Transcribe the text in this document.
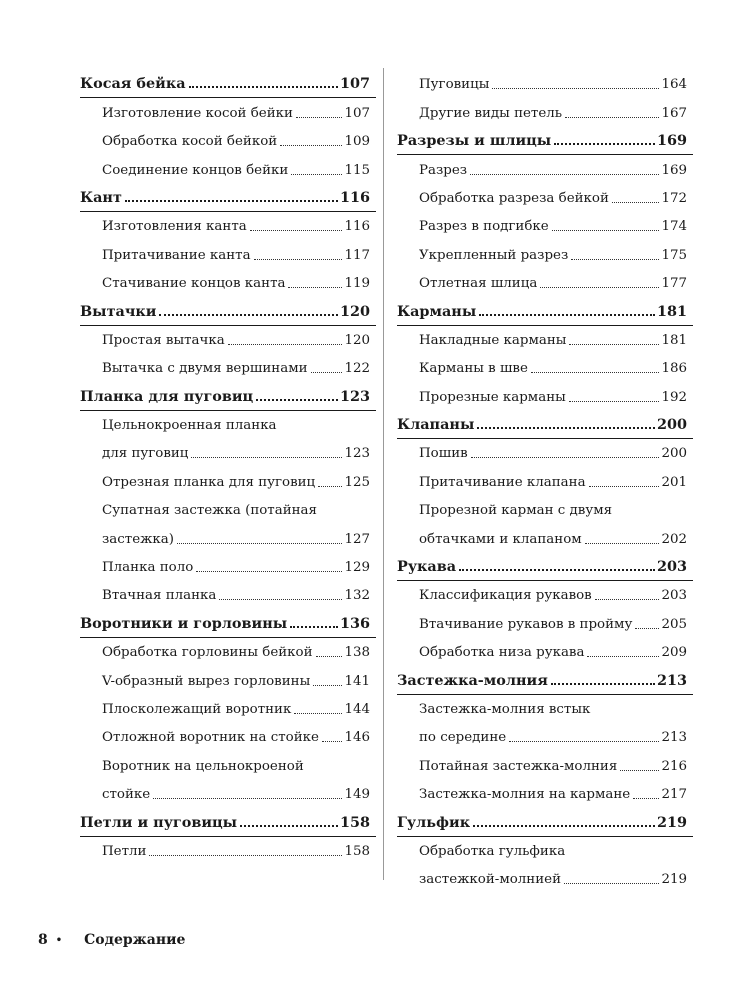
Косая бейка	107
Изготовление косой бейки	107
Обработка косой бейкой	109
Соединение концов бейки	115
Кант	116
Изготовления канта	116
Притачивание канта	117
Стачивание концов канта	119
Вытачки	120
Простая вытачка	120
Вытачка с двумя вершинами	122
Планка для пуговиц	123
Цельнокроенная планка
для пуговиц	123
Отрезная планка для пуговиц 125
Супатная застежка (потайная
застежка)	127
Планка поло	129
Втачная планка	132
Воротники и горловины	136
Обработка горловины бейкой 138
V-образный вырез горловины	141
Плосколежащий воротник	144
Отложной воротник на стойке 146
Воротник на цельнокроеной
стойке	149
Петли и пуговицы	158
Петли	158
Пуговицы	164
Другие виды петель	167
Разрезы и шлицы	169
Разрез	169
Обработка разреза бейкой	172
Разрез в подгибке	174
Укрепленный разрез	175
Отлетная шлица	177
Карманы	181
Накладные карманы	181
Карманы в шве	186
Прорезные карманы	192
Клапаны	200
Пошив	200
Притачивание клапана	201
Прорезной карман с двумя
обтачками и клапаном	202
Рукава	203
Классификация рукавов	203
Втачивание рукавов в пройму 205
Обработка низа рукава	209
Застежка-молния	213
Застежка-молния встык
по середине	213
Потайная застежка-молния	216
Застежка-молния на кармане 217
Гульфик	219
Обработка гульфика
застежкой-молнией	219
8 • Содержание
